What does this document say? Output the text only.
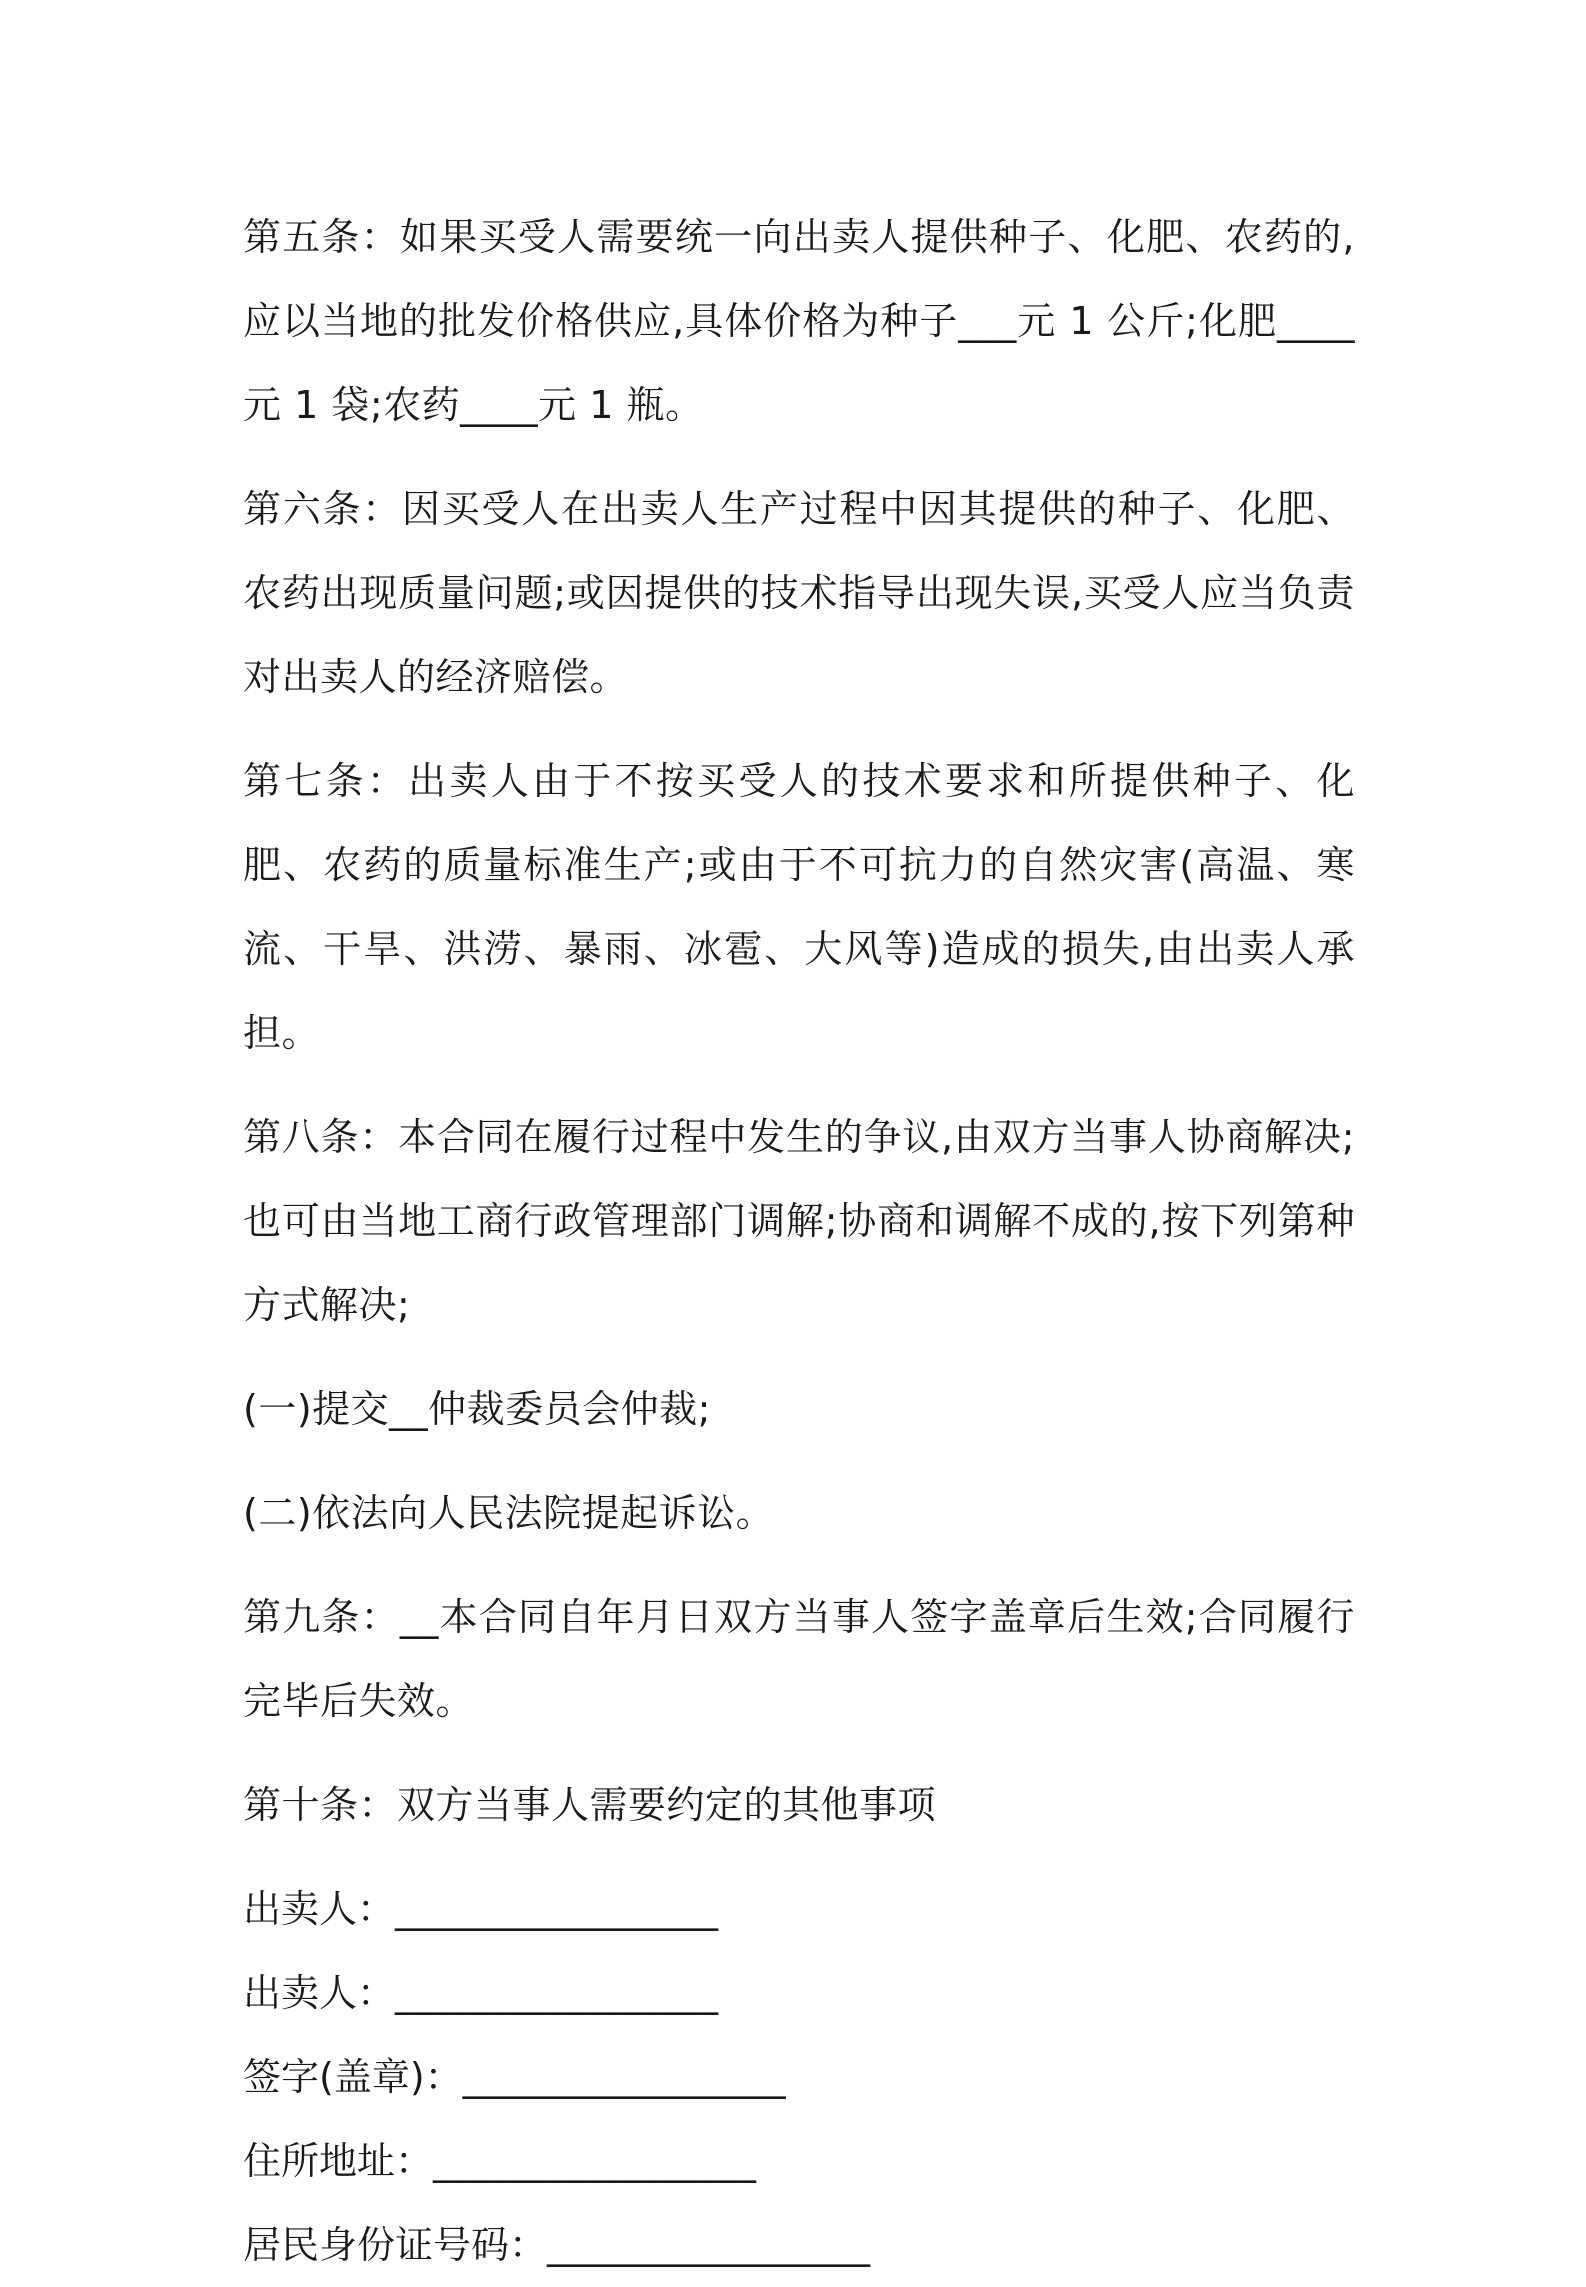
第五条：如果买受人需要统一向出卖人提供种子、化肥、农药的,应以当地的批发价格供应,具体价格为种子___元 1 公斤;化肥____元 1 袋;农药____元 1 瓶。

第六条：因买受人在出卖人生产过程中因其提供的种子、化肥、农药出现质量问题;或因提供的技术指导出现失误,买受人应当负责对出卖人的经济赔偿。

第七条：出卖人由于不按买受人的技术要求和所提供种子、化肥、农药的质量标准生产;或由于不可抗力的自然灾害(高温、寒流、干旱、洪涝、暴雨、冰雹、大风等)造成的损失,由出卖人承担。

第八条：本合同在履行过程中发生的争议,由双方当事人协商解决;也可由当地工商行政管理部门调解;协商和调解不成的,按下列第种方式解决;

(一)提交__仲裁委员会仲裁;

(二)依法向人民法院提起诉讼。

第九条：__本合同自年月日双方当事人签字盖章后生效;合同履行完毕后失效。

第十条：双方当事人需要约定的其他事项

出卖人：_________________
出卖人：_________________
签字(盖章)：_________________
住所地址：_________________
居民身份证号码：_________________
